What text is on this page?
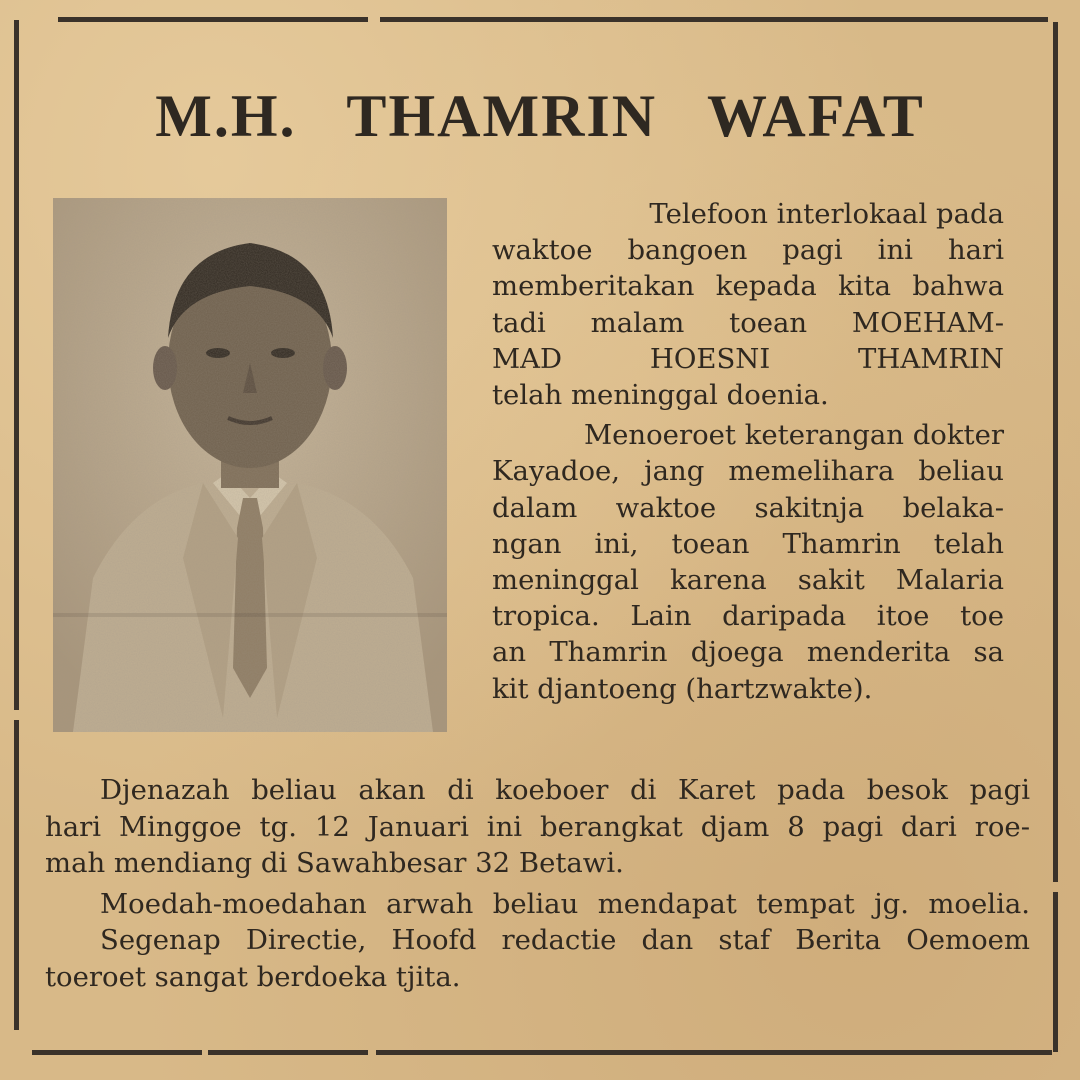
M.H. THAMRIN WAFAT

Telefoon interlokaal pada

waktoe bangoen pagi ini hari

memberitakan kepada kita bahwa

tadi malam toean MOEHAM-

MAD HOESNI THAMRIN

telah meninggal doenia.

Menoeroet keterangan dokter

Kayadoe, jang memelihara beliau

dalam waktoe sakitnja belaka-

ngan ini, toean Thamrin telah

meninggal karena sakit Malaria

tropica. Lain daripada itoe toe

an Thamrin djoega menderita sa

kit djantoeng (hartzwakte).

Djenazah beliau akan di koeboer di Karet pada besok pagi

hari Minggoe tg. 12 Januari ini berangkat djam 8 pagi dari roe-

mah mendiang di Sawahbesar 32 Betawi.

Moedah-moedahan arwah beliau mendapat tempat jg. moelia.

Segenap Directie, Hoofd redactie dan staf Berita Oemoem

toeroet sangat berdoeka tjita.
